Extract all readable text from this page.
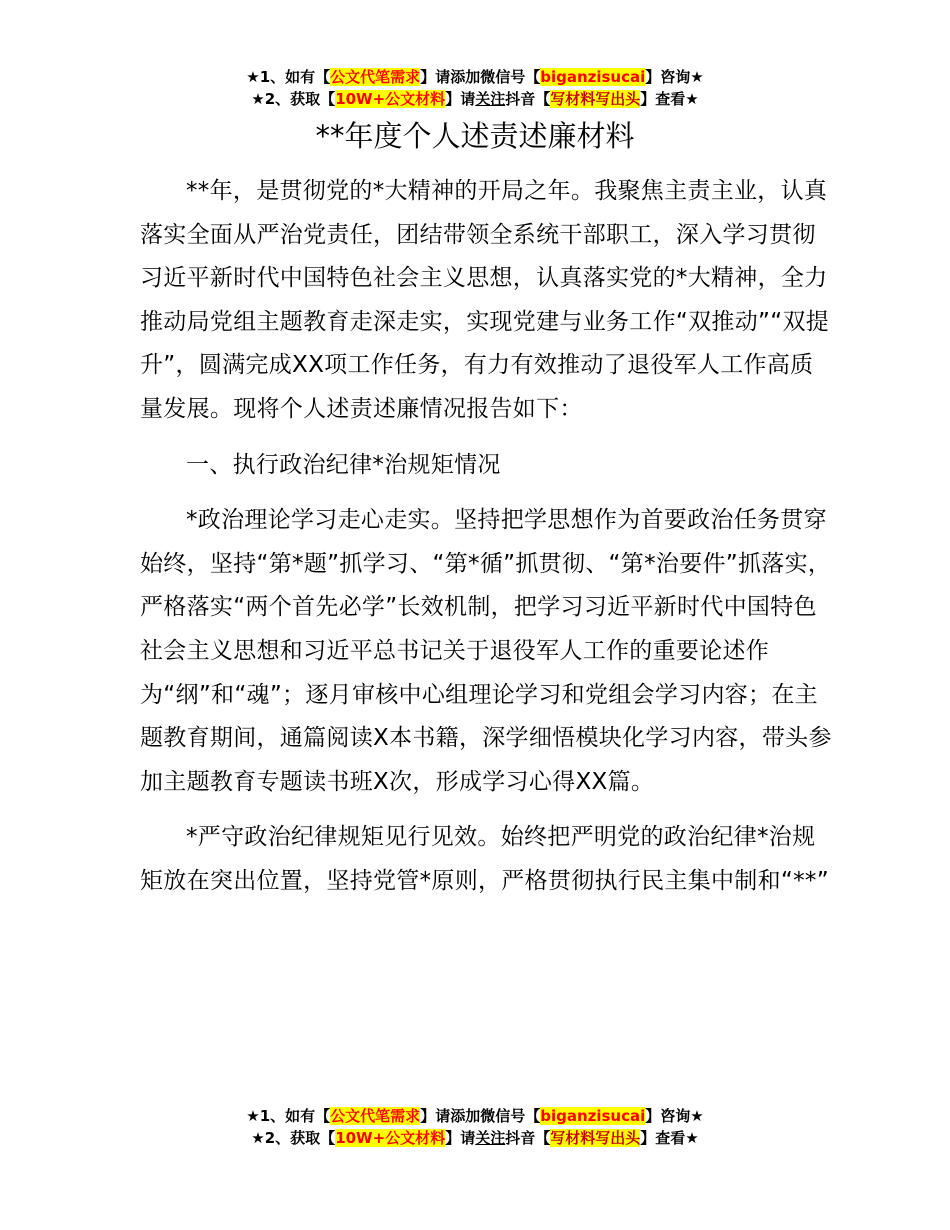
★1、如有【公文代笔需求】请添加微信号【biganzisucai】咨询★
★2、获取【10W+公文材料】请关注抖音【写材料写出头】查看★
**年度个人述责述廉材料

**年，是贯彻党的*大精神的开局之年。我聚焦主责主业，认真落实全面从严治党责任，团结带领全系统干部职工，深入学习贯彻习近平新时代中国特色社会主义思想，认真落实党的*大精神，全力推动局党组主题教育走深走实，实现党建与业务工作“双推动”“双提升”，圆满完成XX项工作任务，有力有效推动了退役军人工作高质量发展。现将个人述责述廉情况报告如下：

一、执行政治纪律*治规矩情况

*政治理论学习走心走实。坚持把学思想作为首要政治任务贯穿始终，坚持“第*题”抓学习、“第*循”抓贯彻、“第*治要件”抓落实，严格落实“两个首先必学”长效机制，把学习习近平新时代中国特色社会主义思想和习近平总书记关于退役军人工作的重要论述作为“纲”和“魂”；逐月审核中心组理论学习和党组会学习内容；在主题教育期间，通篇阅读X本书籍，深学细悟模块化学习内容，带头参加主题教育专题读书班X次，形成学习心得XX篇。

*严守政治纪律规矩见行见效。始终把严明党的政治纪律*治规矩放在突出位置，坚持党管*原则，严格贯彻执行民主集中制和“**”

★1、如有【公文代笔需求】请添加微信号【biganzisucai】咨询★
★2、获取【10W+公文材料】请关注抖音【写材料写出头】查看★
